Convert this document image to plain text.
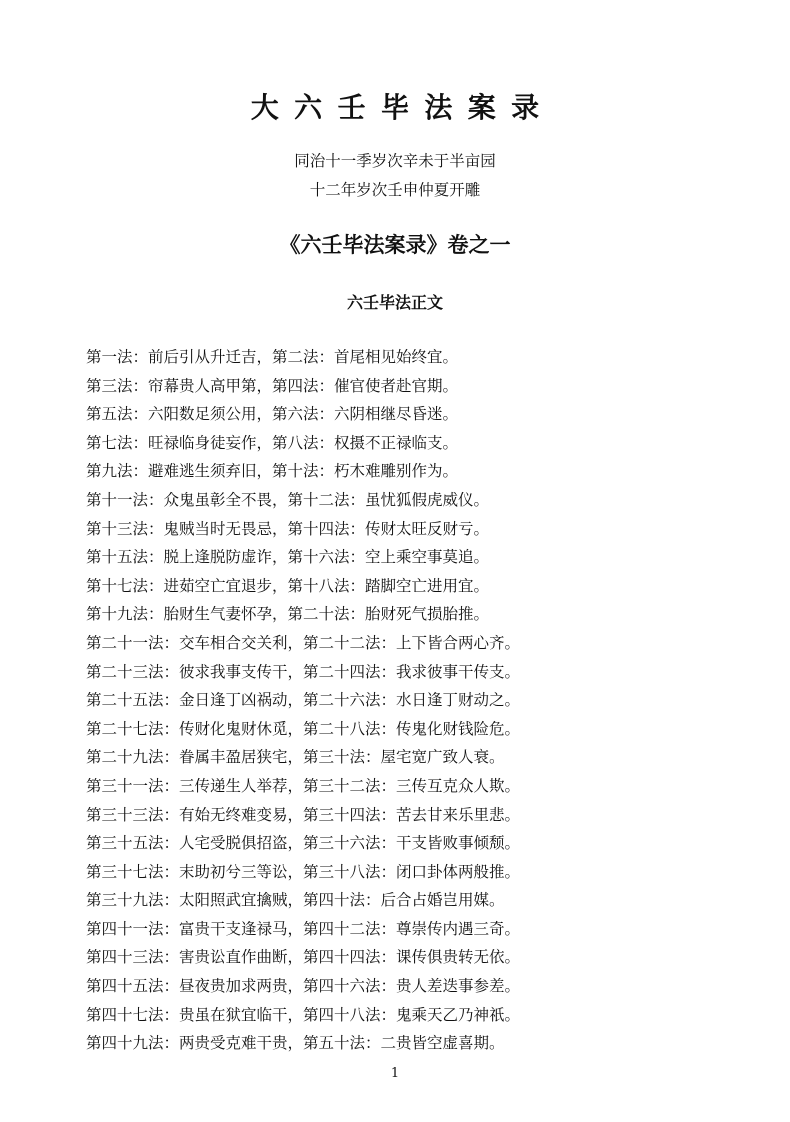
大六壬毕法案录
同治十一季岁次辛未于半亩园
十二年岁次壬申仲夏开雕
《六壬毕法案录》卷之一
六壬毕法正文
第一法：前后引从升迁吉，第二法：首尾相见始终宜。
第三法：帘幕贵人高甲第，第四法：催官使者赴官期。
第五法：六阳数足须公用，第六法：六阴相继尽昏迷。
第七法：旺禄临身徒妄作，第八法：权摄不正禄临支。
第九法：避难逃生须弃旧，第十法：朽木难雕别作为。
第十一法：众鬼虽彰全不畏，第十二法：虽忧狐假虎威仪。
第十三法：鬼贼当时无畏忌，第十四法：传财太旺反财亏。
第十五法：脱上逢脱防虚诈，第十六法：空上乘空事莫追。
第十七法：进茹空亡宜退步，第十八法：踏脚空亡进用宜。
第十九法：胎财生气妻怀孕，第二十法：胎财死气损胎推。
第二十一法：交车相合交关利，第二十二法：上下皆合两心齐。
第二十三法：彼求我事支传干，第二十四法：我求彼事干传支。
第二十五法：金日逢丁凶祸动，第二十六法：水日逢丁财动之。
第二十七法：传财化鬼财休觅，第二十八法：传鬼化财钱险危。
第二十九法：眷属丰盈居狭宅，第三十法：屋宅宽广致人衰。
第三十一法：三传递生人举荐，第三十二法：三传互克众人欺。
第三十三法：有始无终难变易，第三十四法：苦去甘来乐里悲。
第三十五法：人宅受脱俱招盗，第三十六法：干支皆败事倾颓。
第三十七法：末助初兮三等讼，第三十八法：闭口卦体两般推。
第三十九法：太阳照武宜擒贼，第四十法：后合占婚岂用媒。
第四十一法：富贵干支逢禄马，第四十二法：尊崇传内遇三奇。
第四十三法：害贵讼直作曲断，第四十四法：课传俱贵转无依。
第四十五法：昼夜贵加求两贵，第四十六法：贵人差迭事参差。
第四十七法：贵虽在狱宜临干，第四十八法：鬼乘天乙乃神祇。
第四十九法：两贵受克难干贵，第五十法：二贵皆空虚喜期。
1
